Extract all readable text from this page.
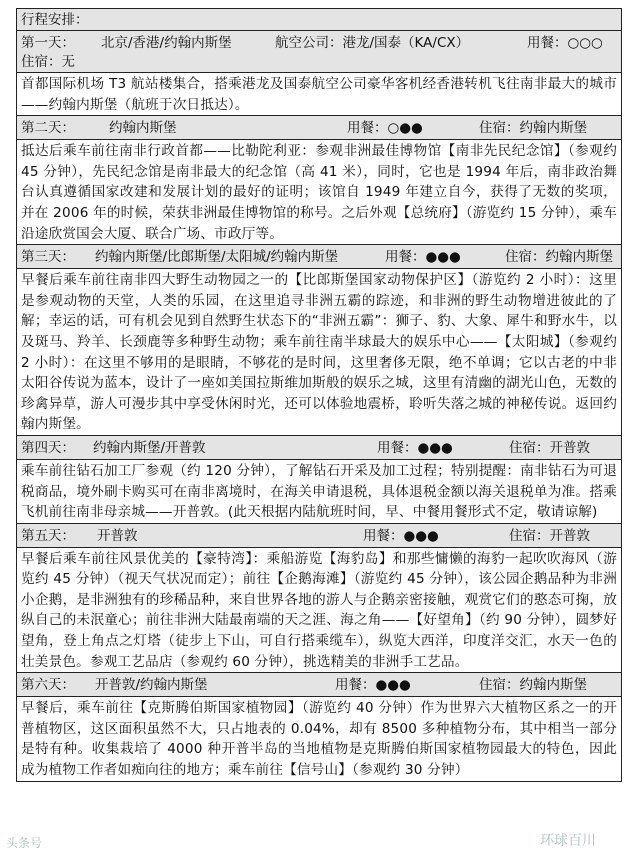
行程安排：
第一天： 北京/香港/约翰内斯堡	航空公司：港龙/国泰（KA/CX）	用餐：○○○
住宿：无
首都国际机场 T3 航站楼集合，搭乘港龙及国泰航空公司豪华客机经香港转机飞往南非最大的城市——约翰内斯堡（航班于次日抵达）。
第二天：	约翰内斯堡	用餐：○●●	住宿：约翰内斯堡
抵达后乘车前往南非行政首都——比勒陀利亚：参观非洲最佳博物馆【南非先民纪念馆】（参观约 45 分钟），先民纪念馆是南非最大的纪念馆（高 41 米），同时，它也是 1994 年后，南非政治舞台认真遵循国家改建和发展计划的最好的证明；该馆自 1949 年建立自今，获得了无数的奖项，并在 2006 年的时候，荣获非洲最佳博物馆的称号。之后外观【总统府】（游览约 15 分钟），乘车沿途欣赏国会大厦、联合广场、市政厅等。
第三天： 约翰内斯堡/比郎斯堡/太阳城/约翰内斯堡	用餐：●●●	住宿：约翰内斯堡
早餐后乘车前往南非四大野生动物园之一的【比郎斯堡国家动物保护区】（游览约 2 小时）：这里是参观动物的天堂，人类的乐园，在这里追寻非洲五霸的踪迹，和非洲的野生动物增进彼此的了解；幸运的话，可有机会见到自然野生状态下的“非洲五霸”：狮子、豹、大象、犀牛和野水牛，以及斑马、羚羊、长颈鹿等多种野生动物；乘车前往南半球最大的娱乐中心——【太阳城】（参观约 2 小时）：在这里不够用的是眼睛，不够花的是时间，这里奢侈无限，绝不单调；它以古老的中非太阳谷传说为蓝本，设计了一座如美国拉斯维加斯般的娱乐之城，这里有清幽的湖光山色，无数的珍禽异草，游人可漫步其中享受休闲时光，还可以体验地震桥，聆听失落之城的神秘传说。返回约翰内斯堡。
第四天： 约翰内斯堡/开普敦	用餐：●●●	住宿：开普敦
乘车前往钻石加工厂参观（约 120 分钟），了解钻石开采及加工过程；特别提醒：南非钻石为可退税商品，境外刷卡购买可在南非离境时，在海关申请退税，具体退税金额以海关退税单为准。搭乘飞机前往南非母亲城——开普敦。(此天根据内陆航班时间，早、中餐用餐形式不定，敬请谅解)
第五天： 开普敦	用餐：●●●	住宿：开普敦
早餐后乘车前往风景优美的【豪特湾】：乘船游览【海豹岛】和那些慵懒的海豹一起吹吹海风（游览约 45 分钟）（视天气状况而定）；前往【企鹅海滩】（游览约 45 分钟），该公园企鹅品种为非洲小企鹅，是非洲独有的珍稀品种，来自世界各地的游人与企鹅亲密接触，观赏它们的憨态可掬，放纵自己的未泯童心；前往非洲大陆最南端的天之涯、海之角——【好望角】（约 90 分钟），圆梦好望角，登上角点之灯塔（徒步上下山，可自行搭乘缆车），纵览大西洋，印度洋交汇，水天一色的壮美景色。参观工艺品店（参观约 60 分钟），挑选精美的非洲手工艺品。
第六天： 开普敦/约翰内斯堡	用餐：●●●	住宿：约翰内斯堡
早餐后，乘车前往【克斯腾伯斯国家植物园】（游览约 40 分钟）作为世界六大植物区系之一的开普植物区，这区面积虽然不大，只占地表的 0.04%，却有 8500 多种植物分布，其中相当一部分是特有种。收集栽培了 4000 种开普半岛的当地植物是克斯腾伯斯国家植物园最大的特色，因此成为植物工作者如痴向往的地方；乘车前往【信号山】（参观约 30 分钟）
头条号	环球百川
